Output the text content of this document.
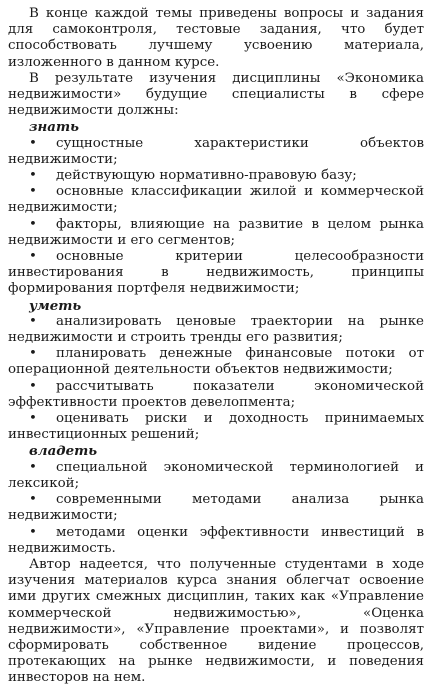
В конце каждой темы приведены вопросы и задания для самоконтроля, тестовые задания, что будет способствовать лучшему усвоению материала, изложенного в данном курсе.

В результате изучения дисциплины «Экономика недвижимости» будущие специалисты в сфере недвижимости должны:

знать

• сущностные характеристики объектов недвижимости;
• действующую нормативно-правовую базу;
• основные классификации жилой и коммерческой недвижимости;
• факторы, влияющие на развитие в целом рынка недвижимости и его сегментов;
• основные критерии целесообразности инвестирования в недвижимость, принципы формирования портфеля недвижимости;

уметь

• анализировать ценовые траектории на рынке недвижимости и строить тренды его развития;
• планировать денежные финансовые потоки от операционной деятельности объектов недвижимости;
• рассчитывать показатели экономической эффективности проектов девелопмента;
• оценивать риски и доходность принимаемых инвестиционных решений;

владеть

• специальной экономической терминологией и лексикой;
• современными методами анализа рынка недвижимости;
• методами оценки эффективности инвестиций в недвижимость.

Автор надеется, что полученные студентами в ходе изучения материалов курса знания облегчат освоение ими других смежных дисциплин, таких как «Управление коммерческой недвижимостью», «Оценка недвижимости», «Управление проектами», и позволят сформировать собственное видение процессов, протекающих на рынке недвижимости, и поведения инвесторов на нем.
